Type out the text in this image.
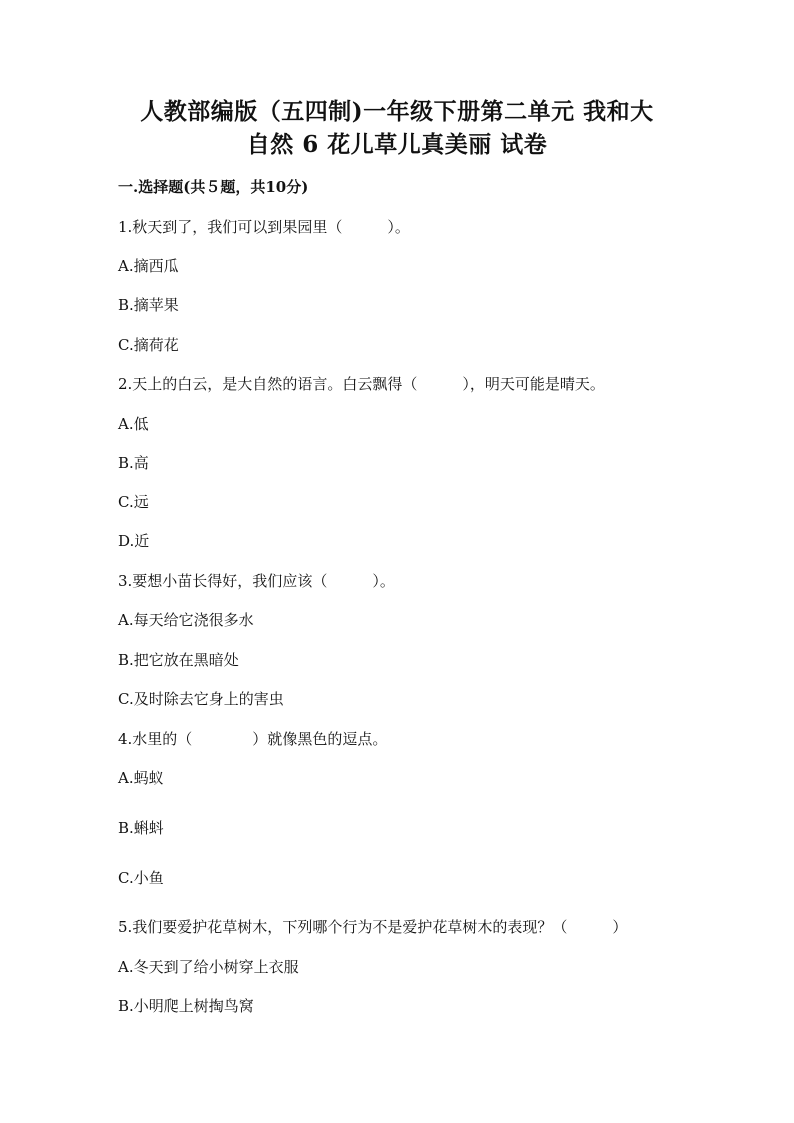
人教部编版（五四制)一年级下册第二单元 我和大
自然 6 花儿草儿真美丽 试卷
一.选择题(共５题，共10分)
1.秋天到了，我们可以到果园里（　　　）。
A.摘西瓜
B.摘苹果
C.摘荷花
2.天上的白云，是大自然的语言。白云飘得（　　　），明天可能是晴天。
A.低
B.高
C.远
D.近
3.要想小苗长得好，我们应该（　　　）。
A.每天给它浇很多水
B.把它放在黑暗处
C.及时除去它身上的害虫
4.水里的（　　　　）就像黑色的逗点。
A.蚂蚁
B.蝌蚪
C.小鱼
5.我们要爱护花草树木，下列哪个行为不是爱护花草树木的表现？（　　　）
A.冬天到了给小树穿上衣服
B.小明爬上树掏鸟窝
